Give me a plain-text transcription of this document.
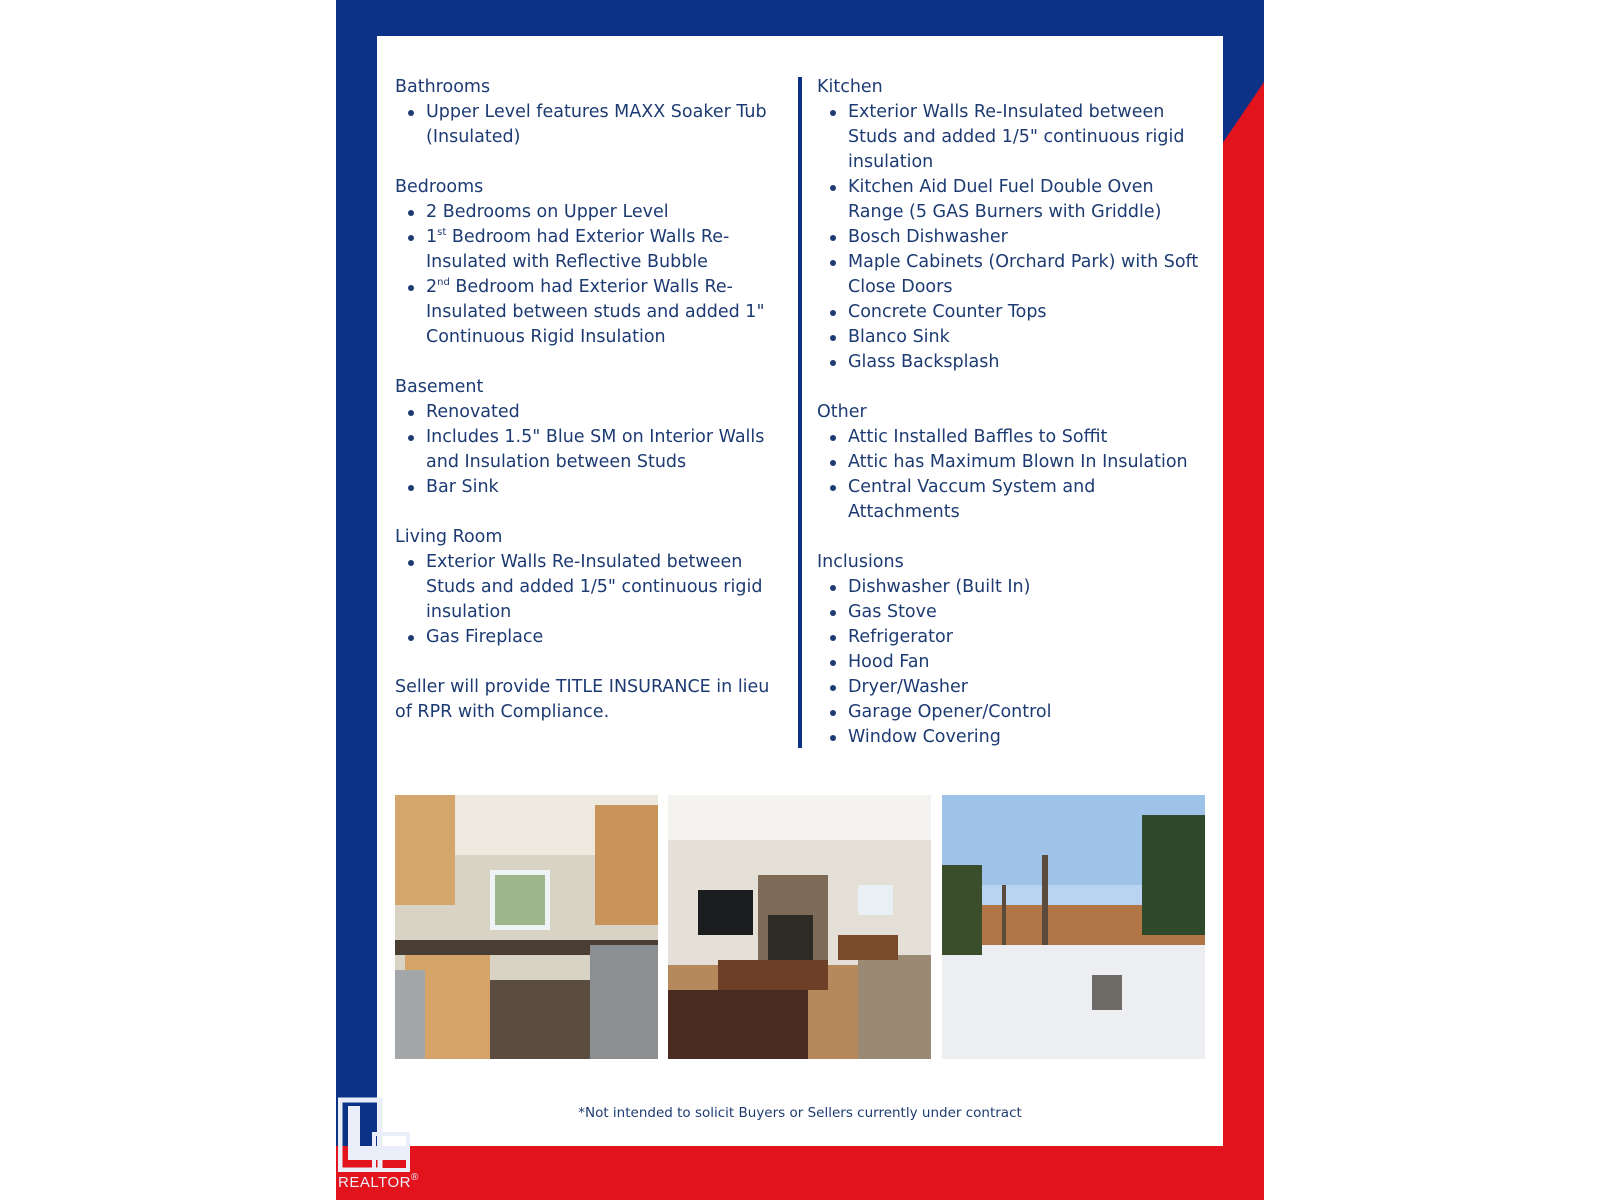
Bathrooms
Upper Level features MAXX Soaker Tub (Insulated)
Bedrooms
2 Bedrooms on Upper Level
1st Bedroom had Exterior Walls Re-Insulated with Reflective Bubble
2nd Bedroom had Exterior Walls Re-Insulated between studs and added 1" Continuous Rigid Insulation
Basement
Renovated
Includes 1.5" Blue SM on Interior Walls and Insulation between Studs
Bar Sink
Living Room
Exterior Walls Re-Insulated between Studs and added 1/5" continuous rigid insulation
Gas Fireplace

Seller will provide TITLE INSURANCE in lieu of RPR with Compliance.

Kitchen
Exterior Walls Re-Insulated between Studs and added 1/5" continuous rigid insulation
Kitchen Aid Duel Fuel Double Oven Range (5 GAS Burners with Griddle)
Bosch Dishwasher
Maple Cabinets (Orchard Park) with Soft Close Doors
Concrete Counter Tops
Blanco Sink
Glass Backsplash
Other
Attic Installed Baffles to Soffit
Attic has Maximum Blown In Insulation
Central Vaccum System and Attachments
Inclusions
Dishwasher (Built In)
Gas Stove
Refrigerator
Hood Fan
Dryer/Washer
Garage Opener/Control
Window Covering
*Not intended to solicit Buyers or Sellers currently under contract
REALTOR®
